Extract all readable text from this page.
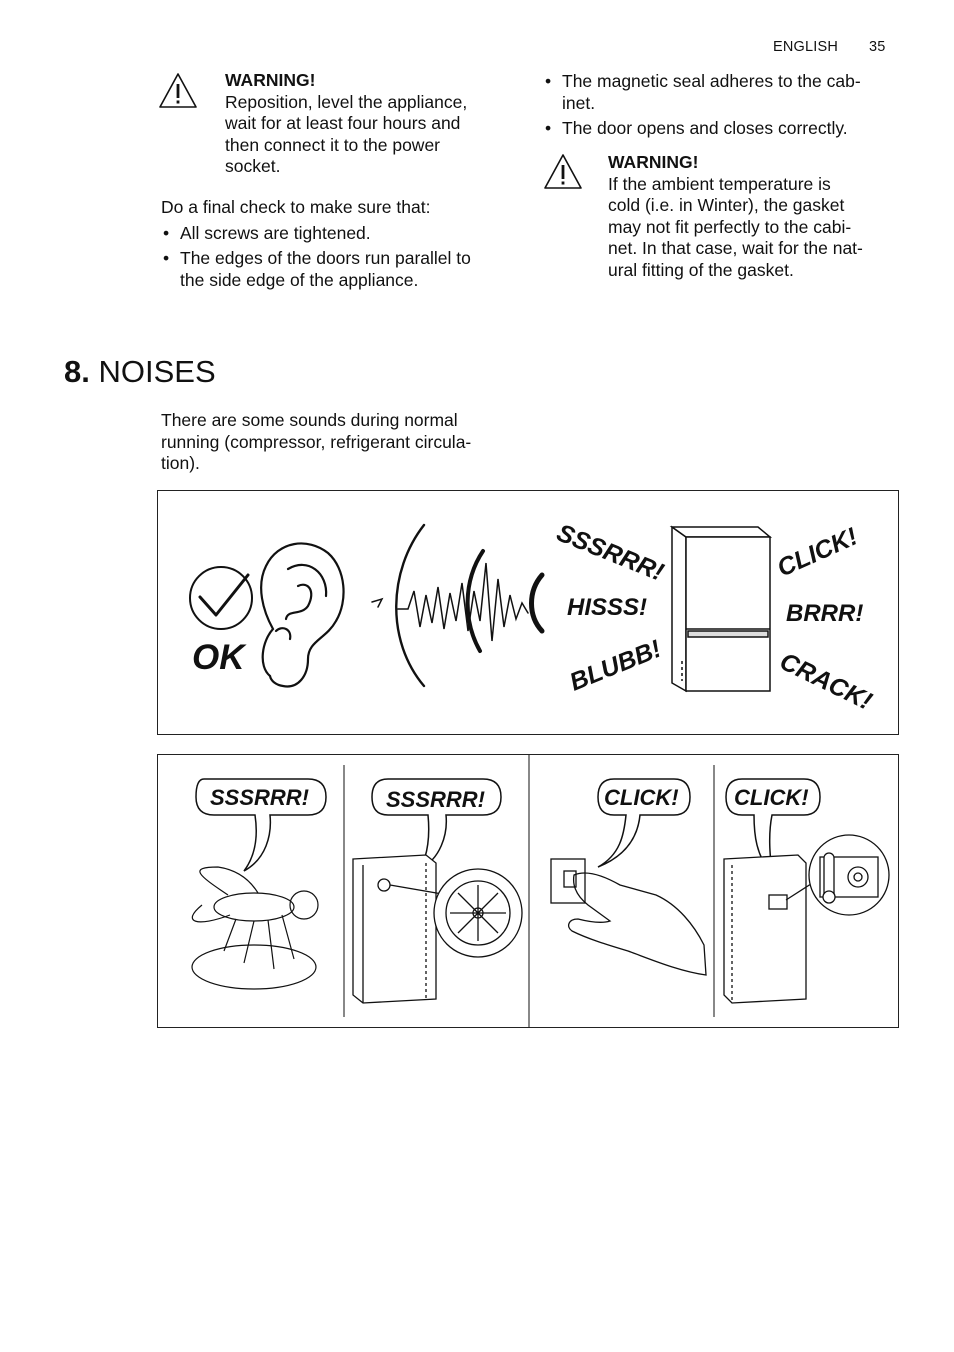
ENGLISH 35
WARNING!
Reposition, level the appliance,
wait for at least four hours and
then connect it to the power
socket.
Do a final check to make sure that:
• All screws are tightened.
• The edges of the doors run parallel to
the side edge of the appliance.
• The magnetic seal adheres to the cab-
inet.
• The door opens and closes correctly.
WARNING!
If the ambient temperature is
cold (i.e. in Winter), the gasket
may not fit perfectly to the cabi-
net. In that case, wait for the nat-
ural fitting of the gasket.
8. NOISES
There are some sounds during normal
running (compressor, refrigerant circula-
tion).
OK
SSSRRR!
HISSS!
BLUBB!
CLICK!
BRRR!
CRACK!
SSSRRR!	SSSRRR!	CLICK!	CLICK!
